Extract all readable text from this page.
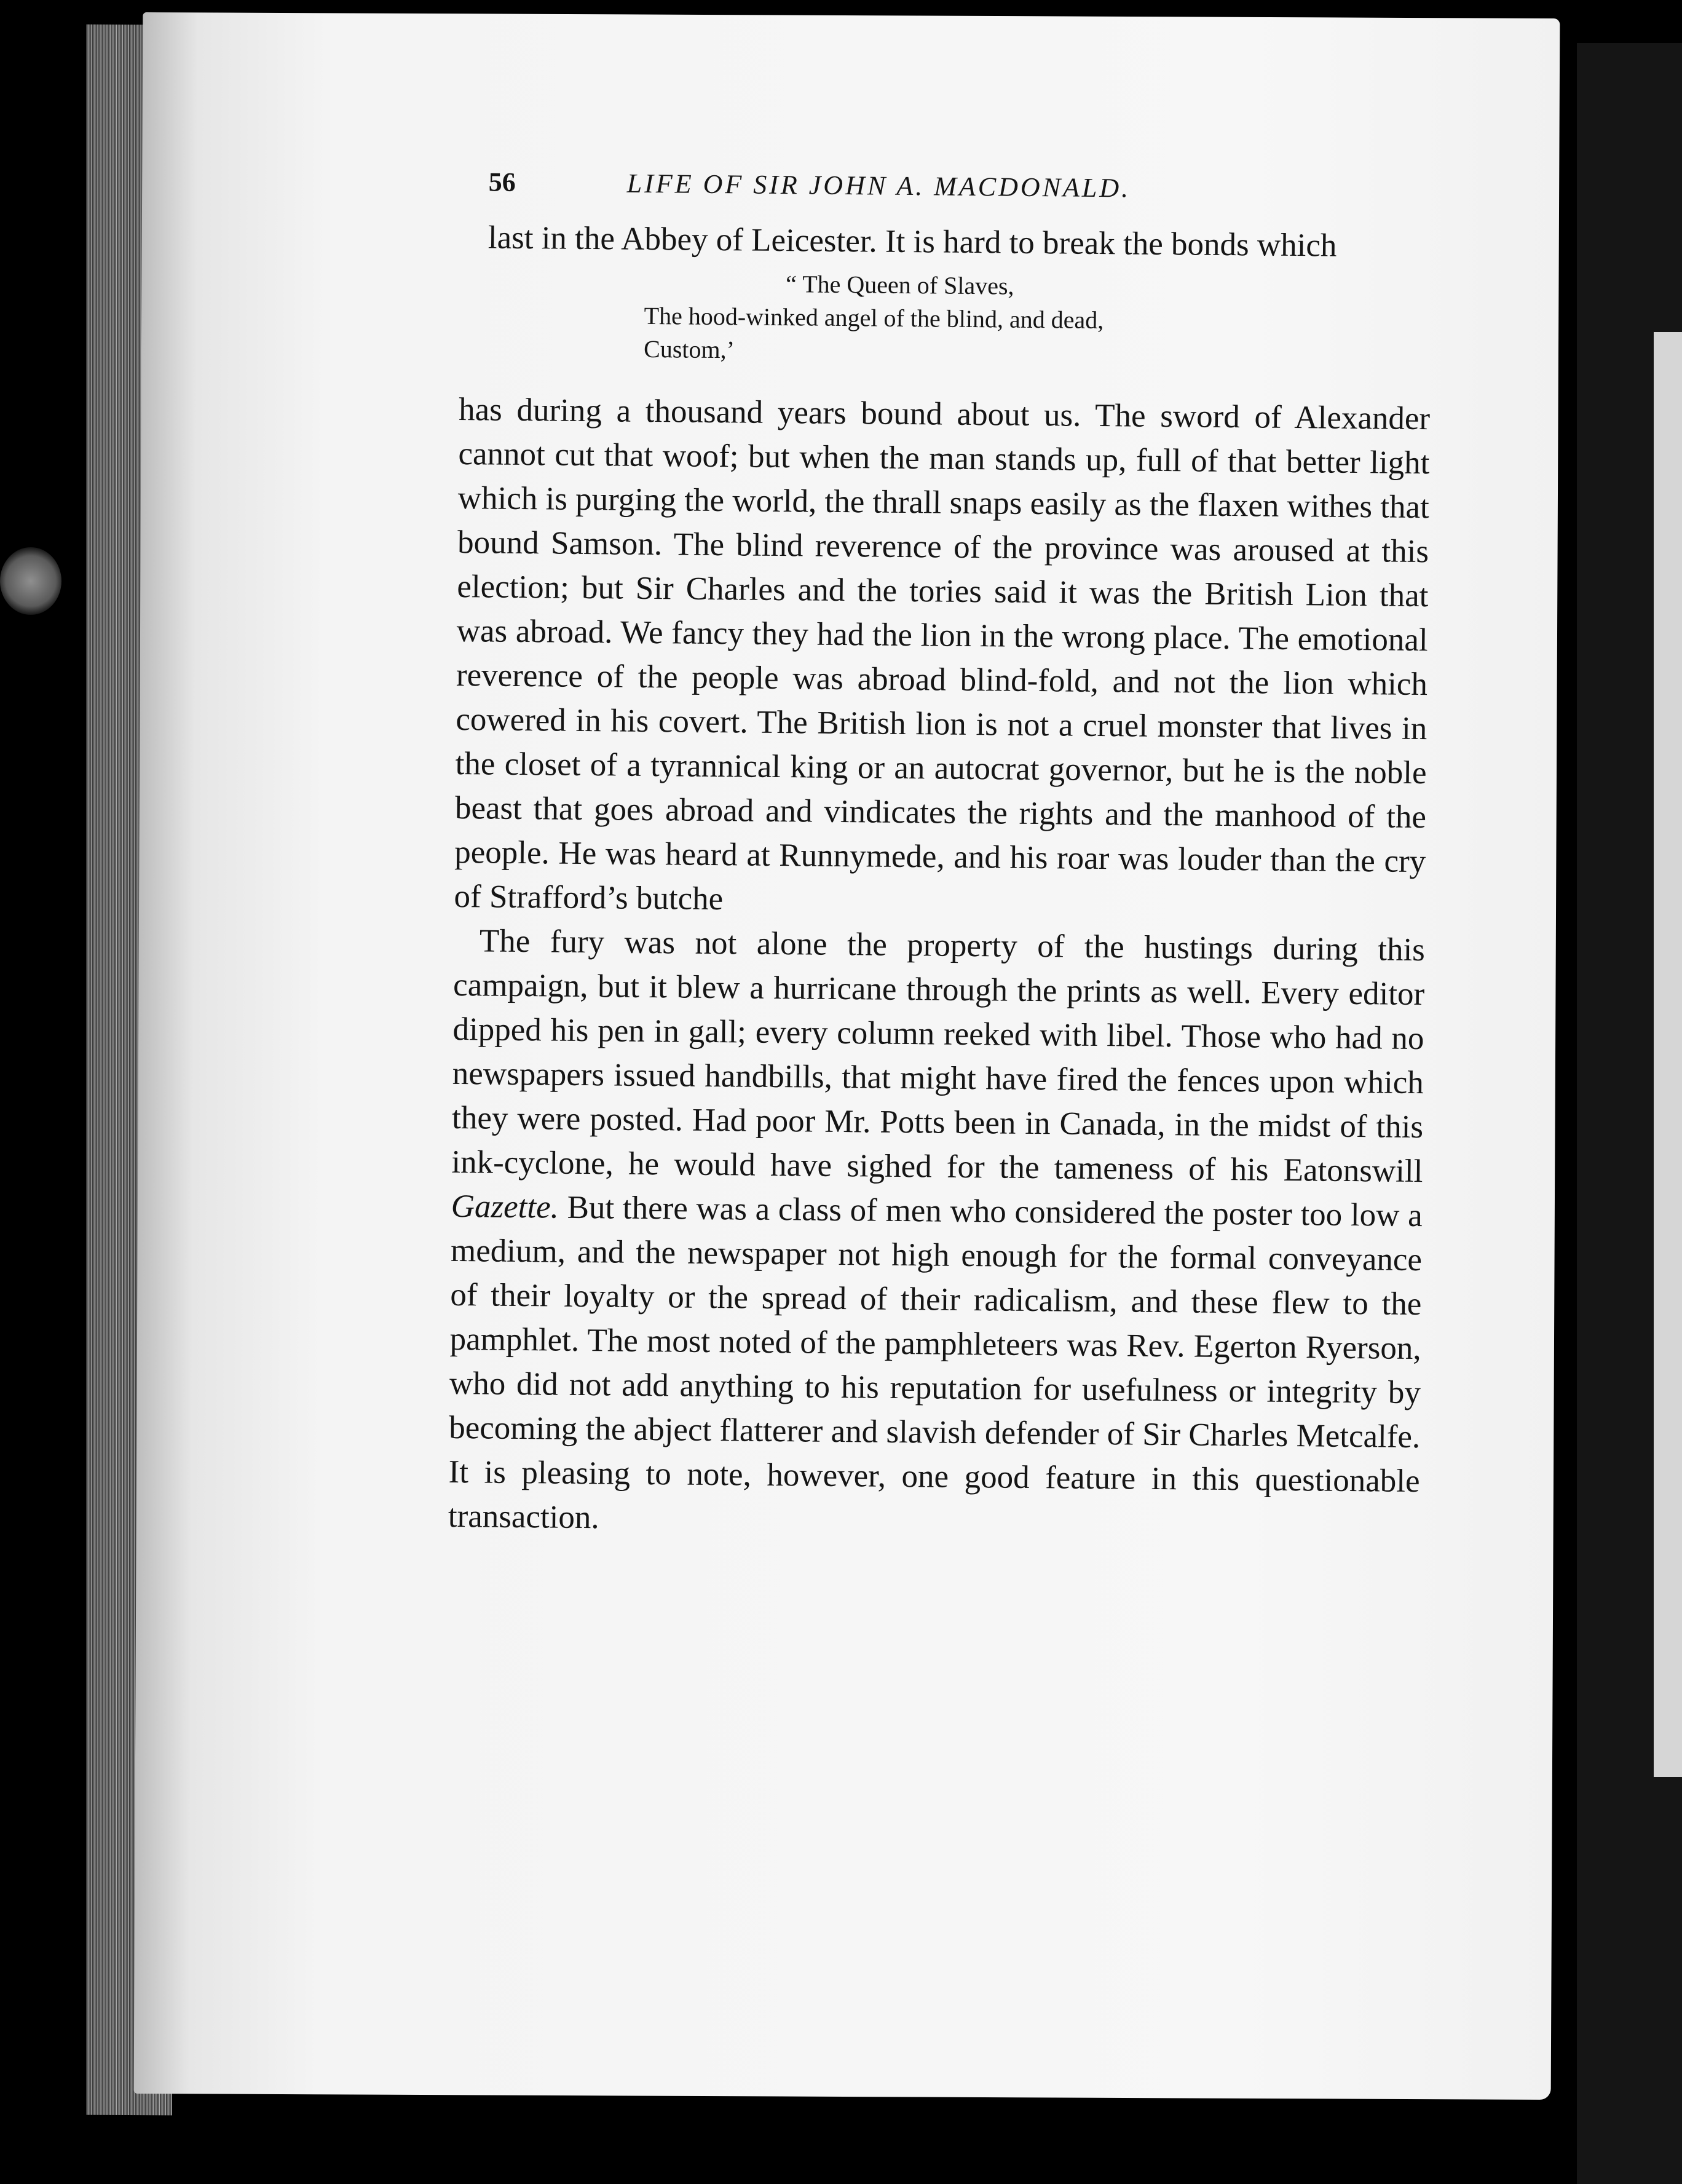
56	LIFE OF SIR JOHN A. MACDONALD.

last in the Abbey of Leicester. It is hard to break the bonds which

“ The Queen of Slaves,
The hood-winked angel of the blind, and dead,
Custom,’

has during a thousand years bound about us. The sword of Alexander cannot cut that woof; but when the man stands up, full of that better light which is purging the world, the thrall snaps easily as the flaxen withes that bound Samson. The blind reverence of the province was aroused at this election; but Sir Charles and the tories said it was the British Lion that was abroad. We fancy they had the lion in the wrong place. The emotional reverence of the people was abroad blind-fold, and not the lion which cowered in his covert. The British lion is not a cruel monster that lives in the closet of a tyrannical king or an autocrat governor, but he is the noble beast that goes abroad and vindicates the rights and the manhood of the people. He was heard at Runnymede, and his roar was louder than the cry of Strafford’s butche

The fury was not alone the property of the hustings during this campaign, but it blew a hurricane through the prints as well. Every editor dipped his pen in gall; every column reeked with libel. Those who had no newspapers issued handbills, that might have fired the fences upon which they were posted. Had poor Mr. Potts been in Canada, in the midst of this ink-cyclone, he would have sighed for the tameness of his Eatonswill Gazette. But there was a class of men who considered the poster too low a medium, and the newspaper not high enough for the formal conveyance of their loyalty or the spread of their radicalism, and these flew to the pamphlet. The most noted of the pamphleteers was Rev. Egerton Ryerson, who did not add anything to his reputation for usefulness or integrity by becoming the abject flatterer and slavish defender of Sir Charles Metcalfe. It is pleasing to note, however, one good feature in this questionable transaction.
